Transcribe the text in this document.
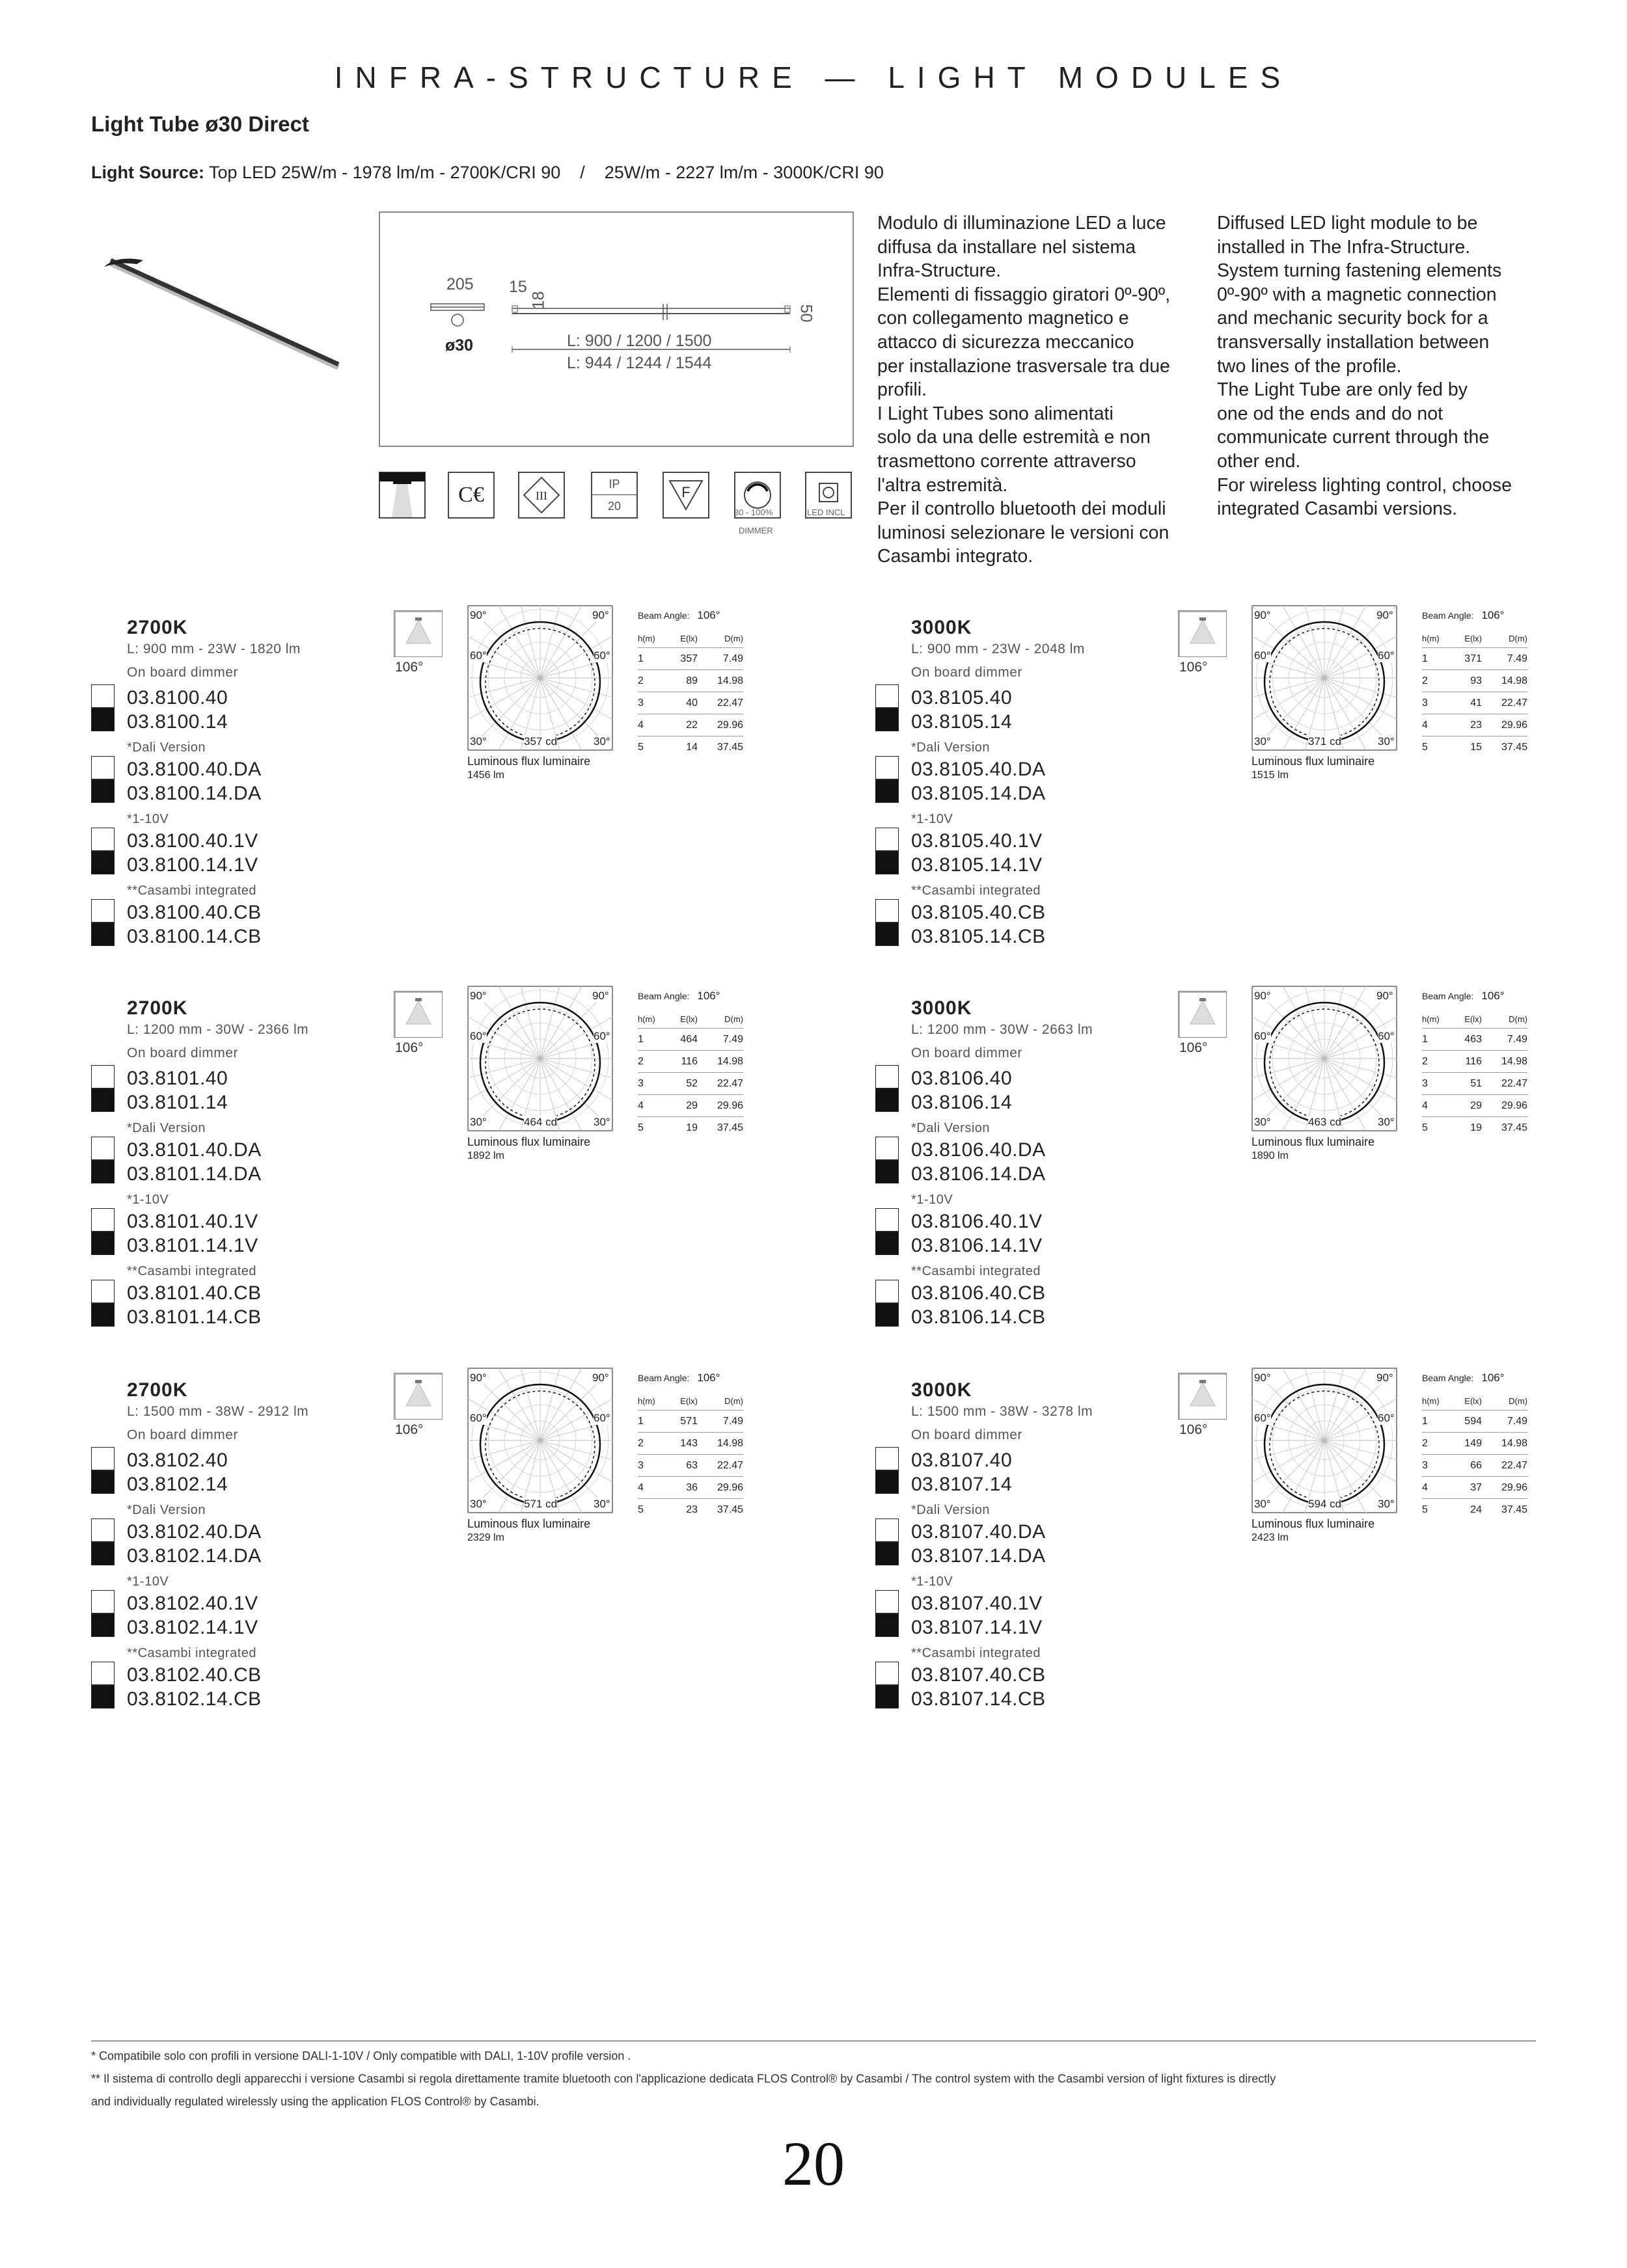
INFRA-STRUCTURE — LIGHT MODULES
Light Tube ø30 Direct
Light Source: Top LED 25W/m - 1978 lm/m - 2700K/CRI 90    /    25W/m - 2227 lm/m - 3000K/CRI 90
205 15
18
50
ø30	L: 900 / 1200 / 1500
L: 944 / 1244 / 1544
C€	III
IP
20
F
30 - 100%
DIMMER
LED INCL
Modulo di illuminazione LED a luce
diffusa da installare nel sistema
Infra-Structure.
Elementi di fissaggio giratori 0º-90º,
con collegamento magnetico e
attacco di sicurezza meccanico
per installazione trasversale tra due
profili.
I Light Tubes sono alimentati
solo da una delle estremità e non
trasmettono corrente attraverso
l'altra estremità.
Per il controllo bluetooth dei moduli
luminosi selezionare le versioni con
Casambi integrato.
Diffused LED light module to be
installed in The Infra-Structure.
System turning fastening elements
0º-90º with a magnetic connection
and mechanic security bock for a
transversally installation between
two lines of the profile.
The Light Tube are only fed by
one od the ends and do not
communicate current through the
other end.
For wireless lighting control, choose
integrated Casambi versions.
2700K
L: 900 mm - 23W - 1820 lm
On board dimmer
03.8100.40
03.8100.14
*Dali Version
03.8100.40.DA
03.8100.14.DA
*1-10V
03.8100.40.1V
03.8100.14.1V
**Casambi integrated
03.8100.40.CB
03.8100.14.CB
106°
90°	90°
60°	60°
30°	30°
357 cd
Luminous flux luminaire
1456 lm
Beam Angle: 106°
h(m)	E(lx)	D(m)
1	357	7.49
2	89	14.98
3	40	22.47
4	22	29.96
5	14	37.45
3000K
L: 900 mm - 23W - 2048 lm
On board dimmer
03.8105.40
03.8105.14
*Dali Version
03.8105.40.DA
03.8105.14.DA
*1-10V
03.8105.40.1V
03.8105.14.1V
**Casambi integrated
03.8105.40.CB
03.8105.14.CB
106°
90°	90°
60°	60°
30°	30°
371 cd
Luminous flux luminaire
1515 lm
Beam Angle: 106°
h(m)	E(lx)	D(m)
1	371	7.49
2	93	14.98
3	41	22.47
4	23	29.96
5	15	37.45
2700K
L: 1200 mm - 30W - 2366 lm
On board dimmer
03.8101.40
03.8101.14
*Dali Version
03.8101.40.DA
03.8101.14.DA
*1-10V
03.8101.40.1V
03.8101.14.1V
**Casambi integrated
03.8101.40.CB
03.8101.14.CB
106°
90°	90°
60°	60°
30°	30°
464 cd
Luminous flux luminaire
1892 lm
Beam Angle: 106°
h(m)	E(lx)	D(m)
1	464	7.49
2	116	14.98
3	52	22.47
4	29	29.96
5	19	37.45
3000K
L: 1200 mm - 30W - 2663 lm
On board dimmer
03.8106.40
03.8106.14
*Dali Version
03.8106.40.DA
03.8106.14.DA
*1-10V
03.8106.40.1V
03.8106.14.1V
**Casambi integrated
03.8106.40.CB
03.8106.14.CB
106°
90°	90°
60°	60°
30°	30°
463 cd
Luminous flux luminaire
1890 lm
Beam Angle: 106°
h(m)	E(lx)	D(m)
1	463	7.49
2	116	14.98
3	51	22.47
4	29	29.96
5	19	37.45
2700K
L: 1500 mm - 38W - 2912 lm
On board dimmer
03.8102.40
03.8102.14
*Dali Version
03.8102.40.DA
03.8102.14.DA
*1-10V
03.8102.40.1V
03.8102.14.1V
**Casambi integrated
03.8102.40.CB
03.8102.14.CB
106°
90°	90°
60°	60°
30°	30°
571 cd
Luminous flux luminaire
2329 lm
Beam Angle: 106°
h(m)	E(lx)	D(m)
1	571	7.49
2	143	14.98
3	63	22.47
4	36	29.96
5	23	37.45
3000K
L: 1500 mm - 38W - 3278 lm
On board dimmer
03.8107.40
03.8107.14
*Dali Version
03.8107.40.DA
03.8107.14.DA
*1-10V
03.8107.40.1V
03.8107.14.1V
**Casambi integrated
03.8107.40.CB
03.8107.14.CB
106°
90°	90°
60°	60°
30°	30°
594 cd
Luminous flux luminaire
2423 lm
Beam Angle: 106°
h(m)	E(lx)	D(m)
1	594	7.49
2	149	14.98
3	66	22.47
4	37	29.96
5	24	37.45
* Compatibile solo con profili in versione DALI-1-10V / Only compatible with DALI, 1-10V profile version .
** Il sistema di controllo degli apparecchi i versione Casambi si regola direttamente tramite bluetooth con l'applicazione dedicata FLOS Control® by Casambi / The control system with the Casambi version of light fixtures is directly
and individually regulated wirelessly using the application FLOS Control® by Casambi.
20
